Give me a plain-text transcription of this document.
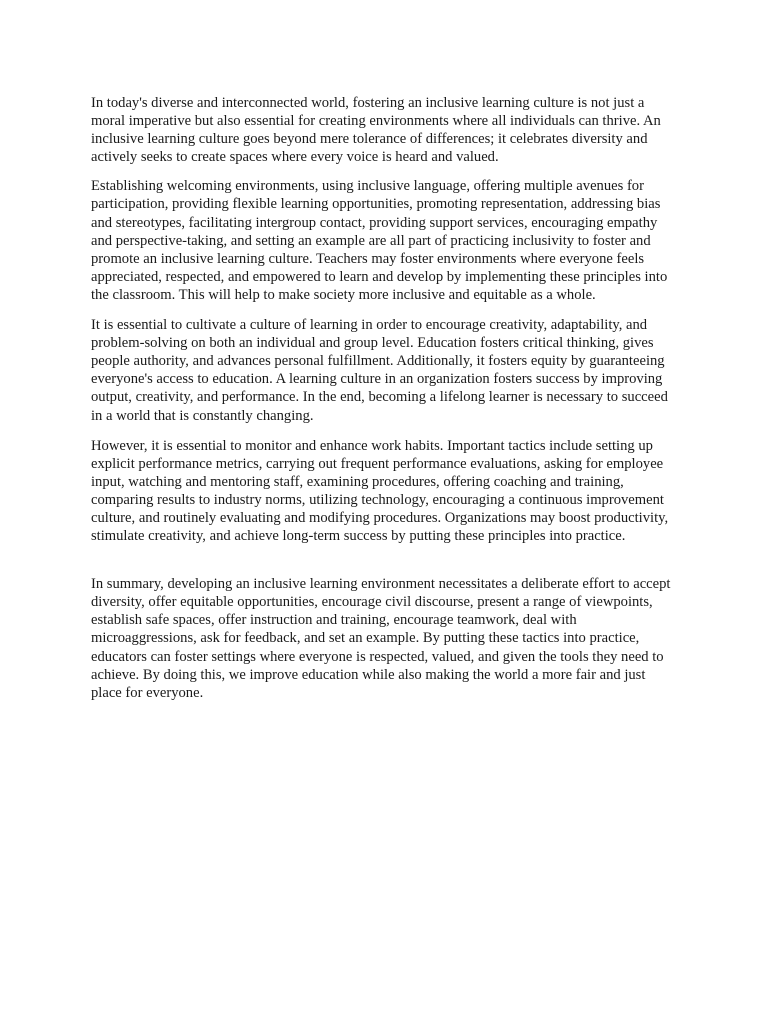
In today's diverse and interconnected world, fostering an inclusive learning culture is not just a moral imperative but also essential for creating environments where all individuals can thrive. An inclusive learning culture goes beyond mere tolerance of differences; it celebrates diversity and actively seeks to create spaces where every voice is heard and valued.

Establishing welcoming environments, using inclusive language, offering multiple avenues for participation, providing flexible learning opportunities, promoting representation, addressing bias and stereotypes, facilitating intergroup contact, providing support services, encouraging empathy and perspective-taking, and setting an example are all part of practicing inclusivity to foster and promote an inclusive learning culture. Teachers may foster environments where everyone feels appreciated, respected, and empowered to learn and develop by implementing these principles into the classroom. This will help to make society more inclusive and equitable as a whole.

It is essential to cultivate a culture of learning in order to encourage creativity, adaptability, and problem-solving on both an individual and group level. Education fosters critical thinking, gives people authority, and advances personal fulfillment. Additionally, it fosters equity by guaranteeing everyone's access to education. A learning culture in an organization fosters success by improving output, creativity, and performance. In the end, becoming a lifelong learner is necessary to succeed in a world that is constantly changing.

However, it is essential to monitor and enhance work habits. Important tactics include setting up explicit performance metrics, carrying out frequent performance evaluations, asking for employee input, watching and mentoring staff, examining procedures, offering coaching and training, comparing results to industry norms, utilizing technology, encouraging a continuous improvement culture, and routinely evaluating and modifying procedures. Organizations may boost productivity, stimulate creativity, and achieve long-term success by putting these principles into practice.

In summary, developing an inclusive learning environment necessitates a deliberate effort to accept diversity, offer equitable opportunities, encourage civil discourse, present a range of viewpoints, establish safe spaces, offer instruction and training, encourage teamwork, deal with microaggressions, ask for feedback, and set an example. By putting these tactics into practice, educators can foster settings where everyone is respected, valued, and given the tools they need to achieve. By doing this, we improve education while also making the world a more fair and just place for everyone.
